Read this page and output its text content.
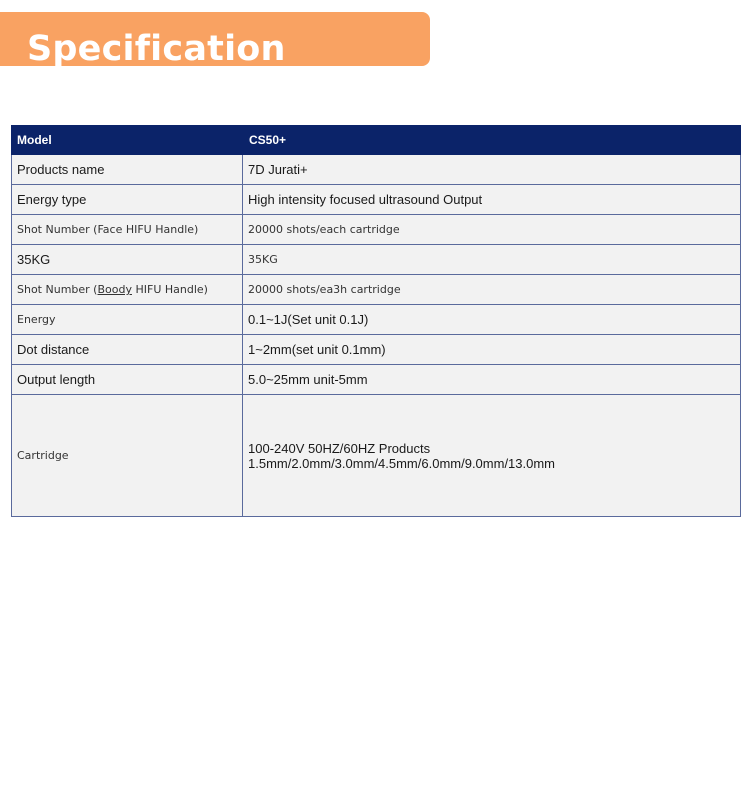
Specification
Model	CS50+
Products name	7D Jurati+
Energy type	High intensity focused ultrasound Output
Shot Number (Face HIFU Handle)	20000 shots/each cartridge
35KG	35KG
Shot Number (Boody HIFU Handle)	20000 shots/ea3h cartridge
Energy	0.1~1J(Set unit 0.1J)
Dot distance	1~2mm(set unit 0.1mm)
Output length	5.0~25mm unit-5mm
Cartridge	100-240V 50HZ/60HZ Products
1.5mm/2.0mm/3.0mm/4.5mm/6.0mm/9.0mm/13.0mm
